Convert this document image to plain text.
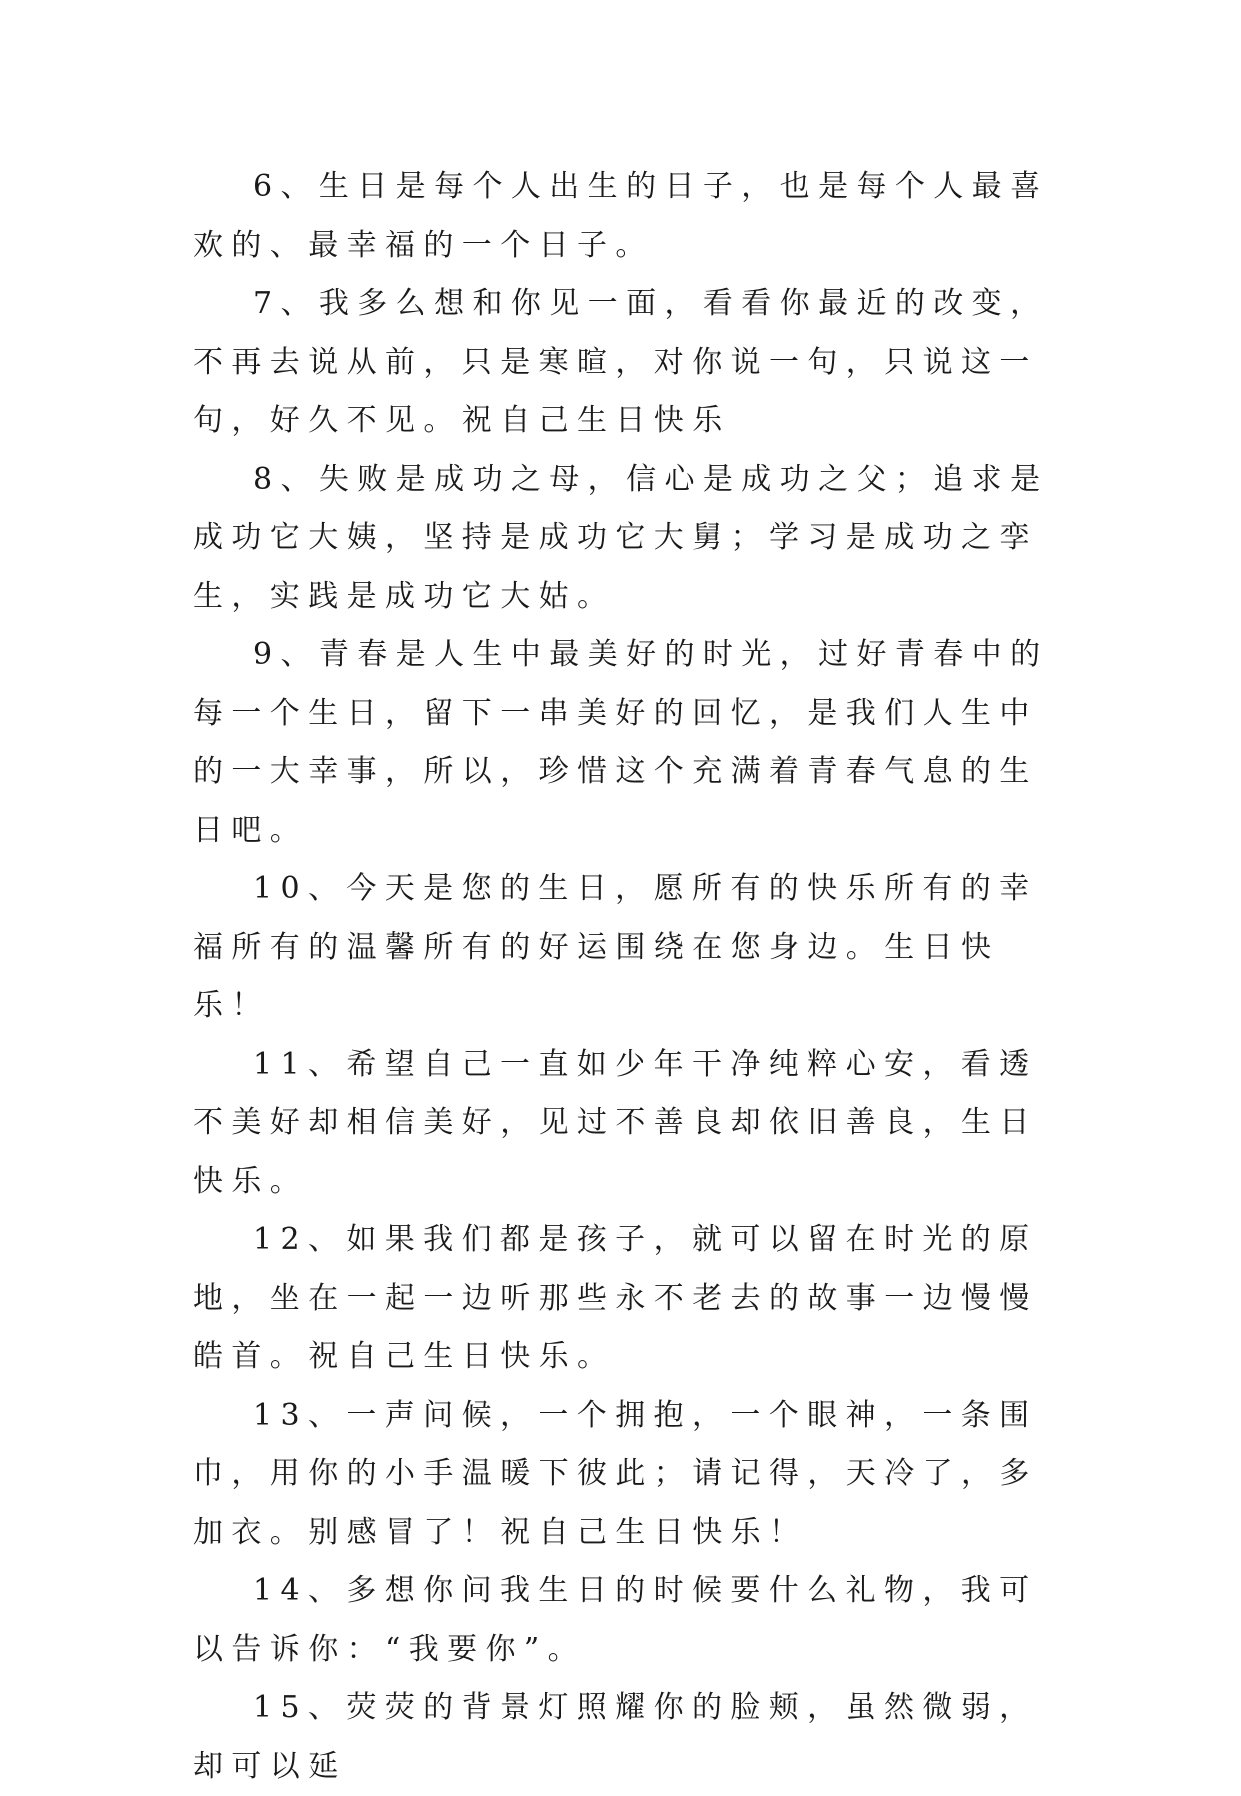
6、生日是每个人出生的日子，也是每个人最喜欢的、最幸福的一个日子。

7、我多么想和你见一面，看看你最近的改变，不再去说从前，只是寒暄，对你说一句，只说这一句，好久不见。祝自己生日快乐

8、失败是成功之母，信心是成功之父；追求是成功它大姨，坚持是成功它大舅；学习是成功之孪生，实践是成功它大姑。

9、青春是人生中最美好的时光，过好青春中的每一个生日，留下一串美好的回忆，是我们人生中的一大幸事，所以，珍惜这个充满着青春气息的生日吧。

10、今天是您的生日，愿所有的快乐所有的幸福所有的温馨所有的好运围绕在您身边。生日快乐！

11、希望自己一直如少年干净纯粹心安，看透不美好却相信美好，见过不善良却依旧善良，生日快乐。

12、如果我们都是孩子，就可以留在时光的原地，坐在一起一边听那些永不老去的故事一边慢慢皓首。祝自己生日快乐。

13、一声问候，一个拥抱，一个眼神，一条围巾，用你的小手温暖下彼此；请记得，天冷了，多加衣。别感冒了！祝自己生日快乐！

14、多想你问我生日的时候要什么礼物，我可以告诉你：“我要你”。

15、荧荧的背景灯照耀你的脸颊，虽然微弱，却可以延
